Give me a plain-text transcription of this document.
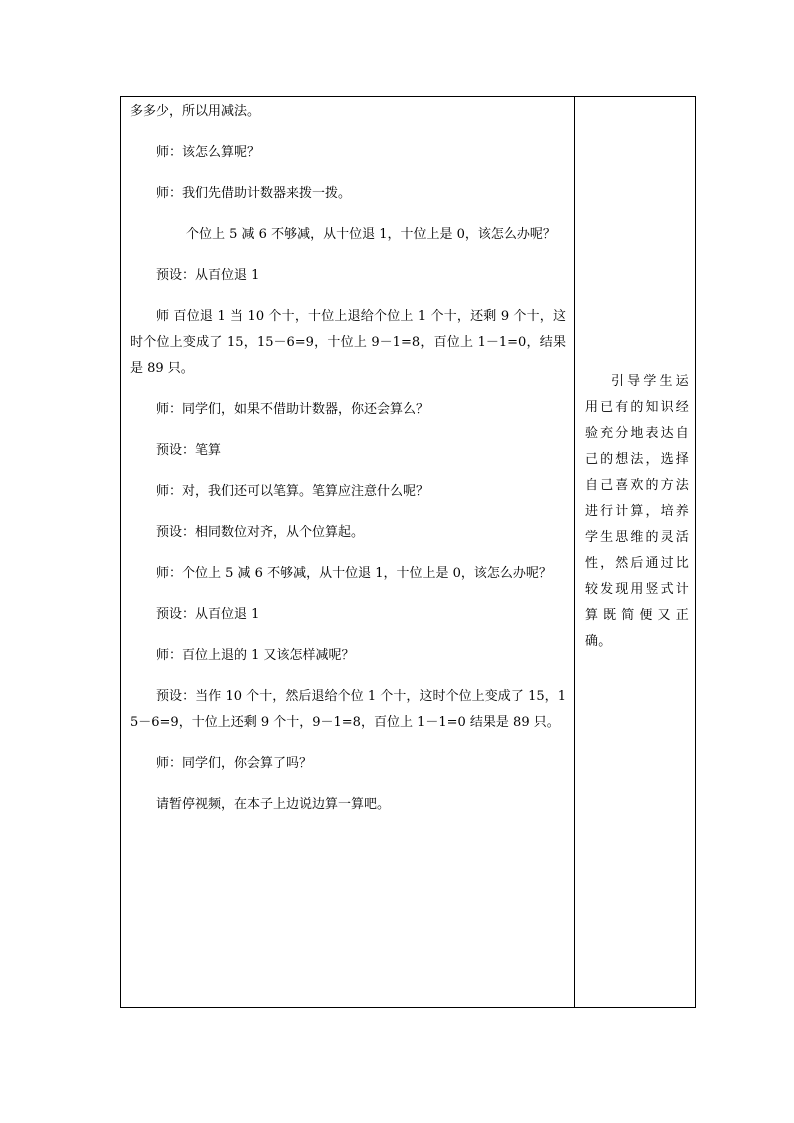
多多少，所以用减法。

师：该怎么算呢？

师：我们先借助计数器来拨一拨。

个位上 5 减 6 不够减，从十位退 1，十位上是 0，该怎么办呢？

预设：从百位退 1

师 百位退 1 当 10 个十，十位上退给个位上 1 个十，还剩 9 个十，这时个位上变成了 15，15－6=9，十位上 9－1=8，百位上 1－1=0，结果是 89 只。

师：同学们，如果不借助计数器，你还会算么？

预设：笔算

师：对，我们还可以笔算。笔算应注意什么呢？

预设：相同数位对齐，从个位算起。

师：个位上 5 减 6 不够减，从十位退 1，十位上是 0，该怎么办呢？

预设：从百位退 1

师：百位上退的 1 又该怎样减呢？

预设：当作 10 个十，然后退给个位 1 个十，这时个位上变成了 15，15－6=9，十位上还剩 9 个十，9－1=8，百位上 1－1=0 结果是 89 只。

师：同学们，你会算了吗？

请暂停视频，在本子上边说边算一算吧。

引导学生运用已有的知识经验充分地表达自己的想法，选择自己喜欢的方法进行计算，培养学生思维的灵活性，然后通过比较发现用竖式计算既简便又正确。
